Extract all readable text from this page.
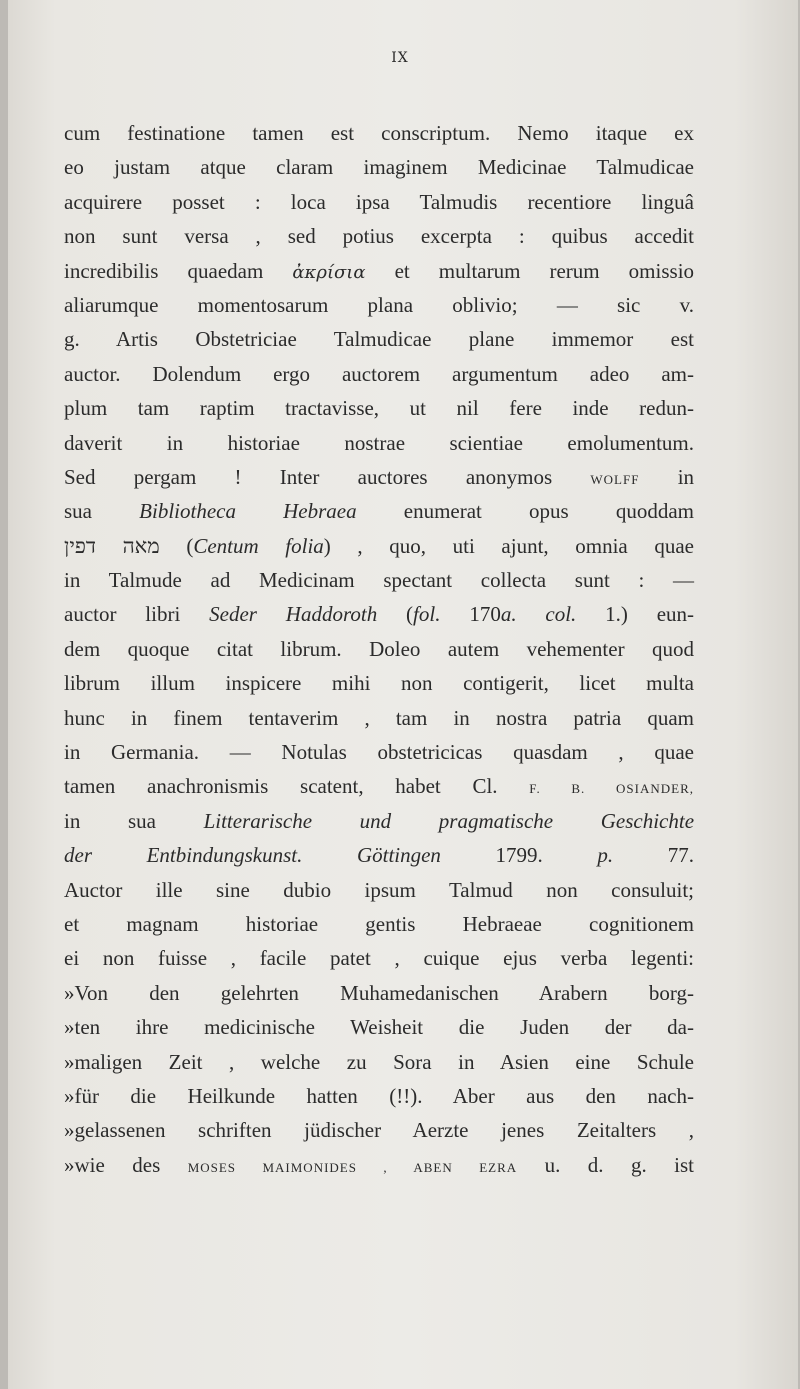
IX
cum festinatione tamen est conscriptum. Nemo itaque ex
eo justam atque claram imaginem Medicinae Talmudicae
acquirere posset : loca ipsa Talmudis recentiore linguâ
non sunt versa , sed potius excerpta : quibus accedit
incredibilis quaedam ἀκρίσια et multarum rerum omissio
aliarumque momentosarum plana oblivio; — sic v.
g. Artis Obstetriciae Talmudicae plane immemor est
auctor. Dolendum ergo auctorem argumentum adeo am-
plum tam raptim tractavisse, ut nil fere inde redun-
daverit in historiae nostrae scientiae emolumentum.
Sed pergam ! Inter auctores anonymos	WOLFF in
sua Bibliotheca Hebraea enumerat opus quoddam
מאה דפין (Centum folia) , quo, uti ajunt, omnia quae
in Talmude ad Medicinam spectant collecta sunt : —
auctor libri Seder Haddoroth (fol. 170a. col. 1.) eun-
dem quoque citat librum. Doleo autem vehementer quod
librum illum inspicere mihi non contigerit, licet multa
hunc in finem tentaverim , tam in nostra patria quam
in Germania. — Notulas obstetricicas quasdam , quae
tamen anachronismis scatent, habet Cl. F. B. OSIANDER,
in sua Litterarische und pragmatische Geschichte
der Entbindungskunst. Göttingen	1799.	p.	77.
Auctor ille sine dubio ipsum Talmud non consuluit;
et magnam historiae gentis Hebraeae cognitionem
ei non fuisse , facile patet , cuique ejus verba legenti:
»Von den gelehrten Muhamedanischen Arabern borg-
»ten ihre medicinische Weisheit die Juden der da-
»maligen Zeit , welche zu Sora in Asien eine Schule
»für die Heilkunde hatten (!!). Aber aus den nach-
»gelassenen schriften jüdischer Aerzte jenes Zeitalters ,
»wie des MOSES MAIMONIDES , ABEN EZRA u. d. g. ist
